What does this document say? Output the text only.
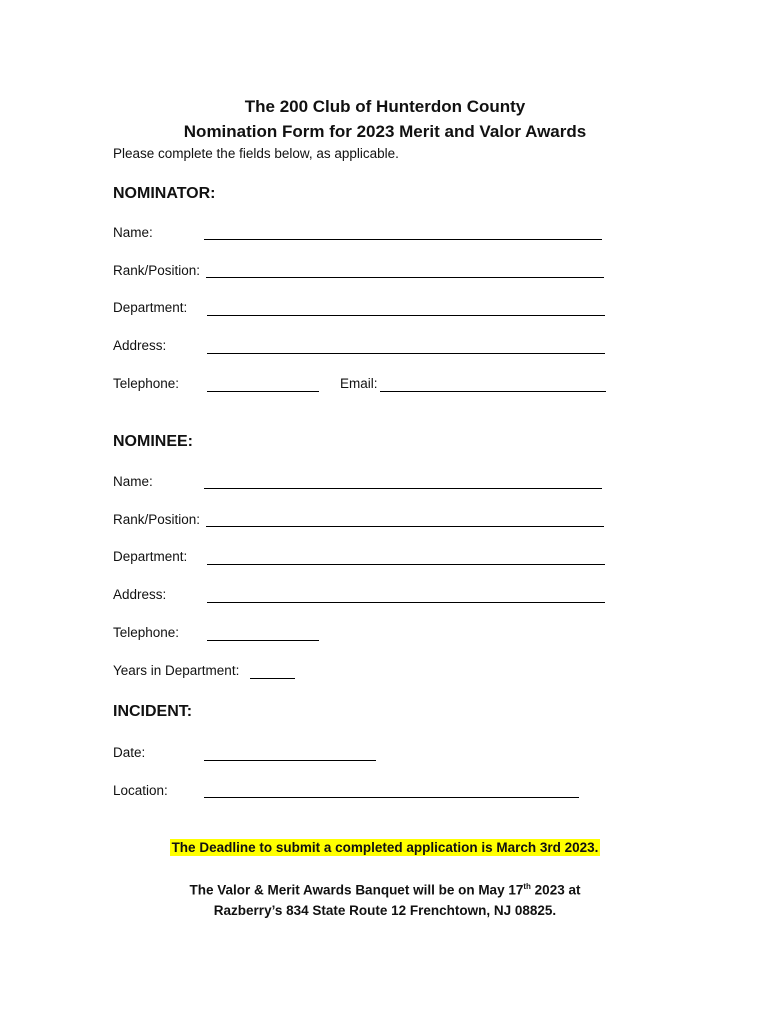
The 200 Club of Hunterdon County
Nomination Form for 2023 Merit and Valor Awards
Please complete the fields below, as applicable.
NOMINATOR:
Name:
Rank/Position:
Department:
Address:
Telephone:	Email:
NOMINEE:
Name:
Rank/Position:
Department:
Address:
Telephone:
Years in Department:
INCIDENT:
Date:
Location:
The Deadline to submit a completed application is March 3rd 2023.
The Valor & Merit Awards Banquet will be on May 17th 2023 at
Razberry’s 834 State Route 12 Frenchtown, NJ 08825.
